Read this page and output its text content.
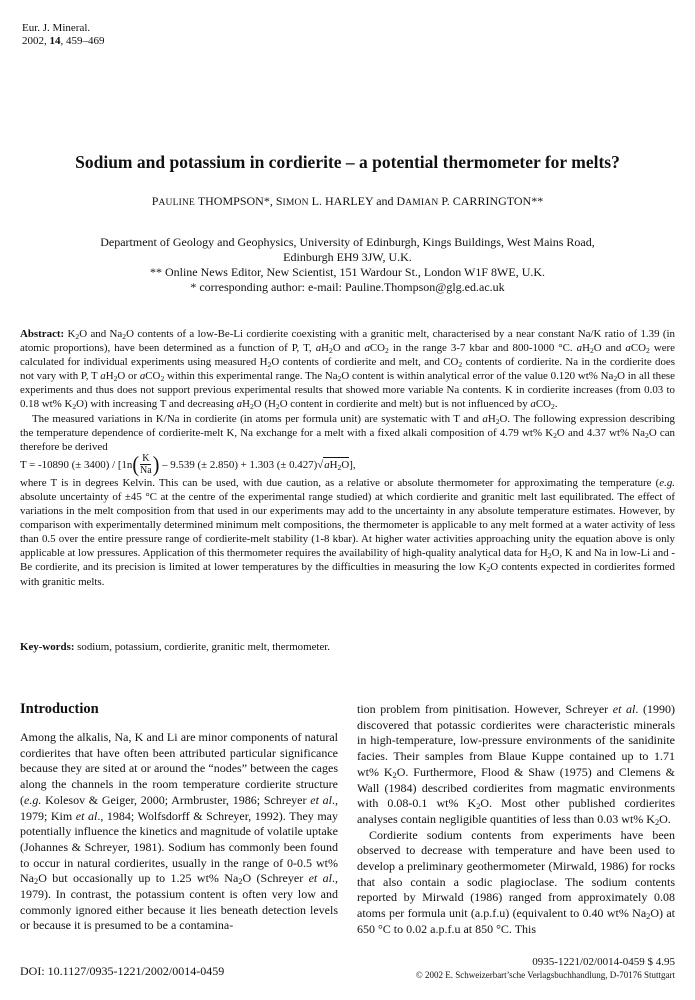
Eur. J. Mineral.
2002, 14, 459–469
Sodium and potassium in cordierite – a potential thermometer for melts?
PAULINE THOMPSON*, SIMON L. HARLEY and DAMIAN P. CARRINGTON**
Department of Geology and Geophysics, University of Edinburgh, Kings Buildings, West Mains Road,
Edinburgh EH9 3JW, U.K.
** Online News Editor, New Scientist, 151 Wardour St., London W1F 8WE, U.K.
* corresponding author: e-mail: Pauline.Thompson@glg.ed.ac.uk

Abstract: $K_2O$ and $Na_2O$ contents of a low-Be-Li cordierite coexisting with a granitic melt, characterised by a near constant Na/K ratio of 1.39 (in atomic proportions), have been determined as a function of P, T, $aH_2O$ and aCO$_2$ in the range 3-7 kbar and 800-1000 °C. $aH_2O$ and aCO$_2$ were calculated for individual experiments using measured $H_2O$ contents of cordierite and melt, and $CO_2$ contents of cordierite. Na in the cordierite does not vary with P, T $aH_2O$ or aCO$_2$ within this experimental range. The $Na_2O$ content is within analytical error of the value 0.120 wt% $Na_2O$ in all these experiments and thus does not support previous experimental results that showed more variable Na contents. K in cordierite increases (from 0.03 to 0.18 wt% $K_2O$) with increasing T and decreasing $aH_2O$ ($H_2O$ content in cordierite and melt) but is not influenced by aCO$_2$.

The measured variations in K/Na in cordierite (in atoms per formula unit) are systematic with T and $aH_2O$. The following expression describing the temperature dependence of cordierite-melt K, Na exchange for a melt with a fixed alkali composition of 4.79 wt% $K_2O$ and 4.37 wt% $Na_2O$ can therefore be derived

T = -10890 (± 3400) / [1n ( $\frac{K}{Na}$ )
– 9.539 (± 2.850) + 1.303 (± 0.427)√ $aH_2O$ ],

where T is in degrees Kelvin. This can be used, with due caution, as a relative or absolute thermometer for approximating the temperature (e.g. absolute uncertainty of ±45 °C at the centre of the experimental range studied) at which cordierite and granitic melt last equilibrated. The effect of variations in the melt composition from that used in our experiments may add to the uncertainty in any absolute temperature estimates. However, by comparison with experimentally determined minimum melt compositions, the thermometer is applicable to any melt formed at a water activity of less than 0.5 over the entire pressure range of cordierite-melt stability (1-8 kbar). At higher water activities approaching unity the equation above is only applicable at low pressures. Application of this thermometer requires the availability of high-quality analytical data for $H_2O$, K and Na in low-Li and -Be cordierite, and its precision is limited at lower temperatures by the difficulties in measuring the low $K_2O$ contents expected in cordierites formed with granitic melts.

Key-words: sodium, potassium, cordierite, granitic melt, thermometer.
Introduction

Among the alkalis, Na, K and Li are minor components of natural cordierites that have often been attributed particular significance because they are sited at or around the “nodes” between the cages along the channels in the room temperature cordierite structure (e.g. Kolesov & Geiger, 2000; Armbruster, 1986; Schreyer et al., 1979; Kim et al., 1984; Wolfsdorff & Schreyer, 1992). They may potentially influence the kinetics and magnitude of volatile uptake (Johannes & Schreyer, 1981). Sodium has commonly been found to occur in natural cordierites, usually in the range of 0-0.5 wt% $Na_2O$ but occasionally up to 1.25 wt% $Na_2O$ (Schreyer et al., 1979). In contrast, the potassium content is often very low and commonly ignored either because it lies beneath detection levels or because it is presumed to be a contamina-

tion problem from pinitisation. However, Schreyer et al. (1990) discovered that potassic cordierites were characteristic minerals in high-temperature, low-pressure environments of the sanidinite facies. Their samples from Blaue Kuppe contained up to 1.71 wt% $K_2O$. Furthermore, Flood & Shaw (1975) and Clemens & Wall (1984) described cordierites from magmatic environments with 0.08-0.1 wt% $K_2O$. Most other published cordierites analyses contain negligible quantities of less than 0.03 wt% $K_2O$.

Cordierite sodium contents from experiments have been observed to decrease with temperature and have been used to develop a preliminary geothermometer (Mirwald, 1986) for rocks that also contain a sodic plagioclase. The sodium contents reported by Mirwald (1986) ranged from approximately 0.08 atoms per formula unit (a.p.f.u) (equivalent to 0.40 wt% $Na_2O$) at 650 °C to 0.02 a.p.f.u at 850 °C. This

DOI: 10.1127/0935-1221/2002/0014-0459
0935-1221/02/0014-0459 $ 4.95
© 2002 E. Schweizerbart’sche Verlagsbuchhandlung, D-70176 Stuttgart
